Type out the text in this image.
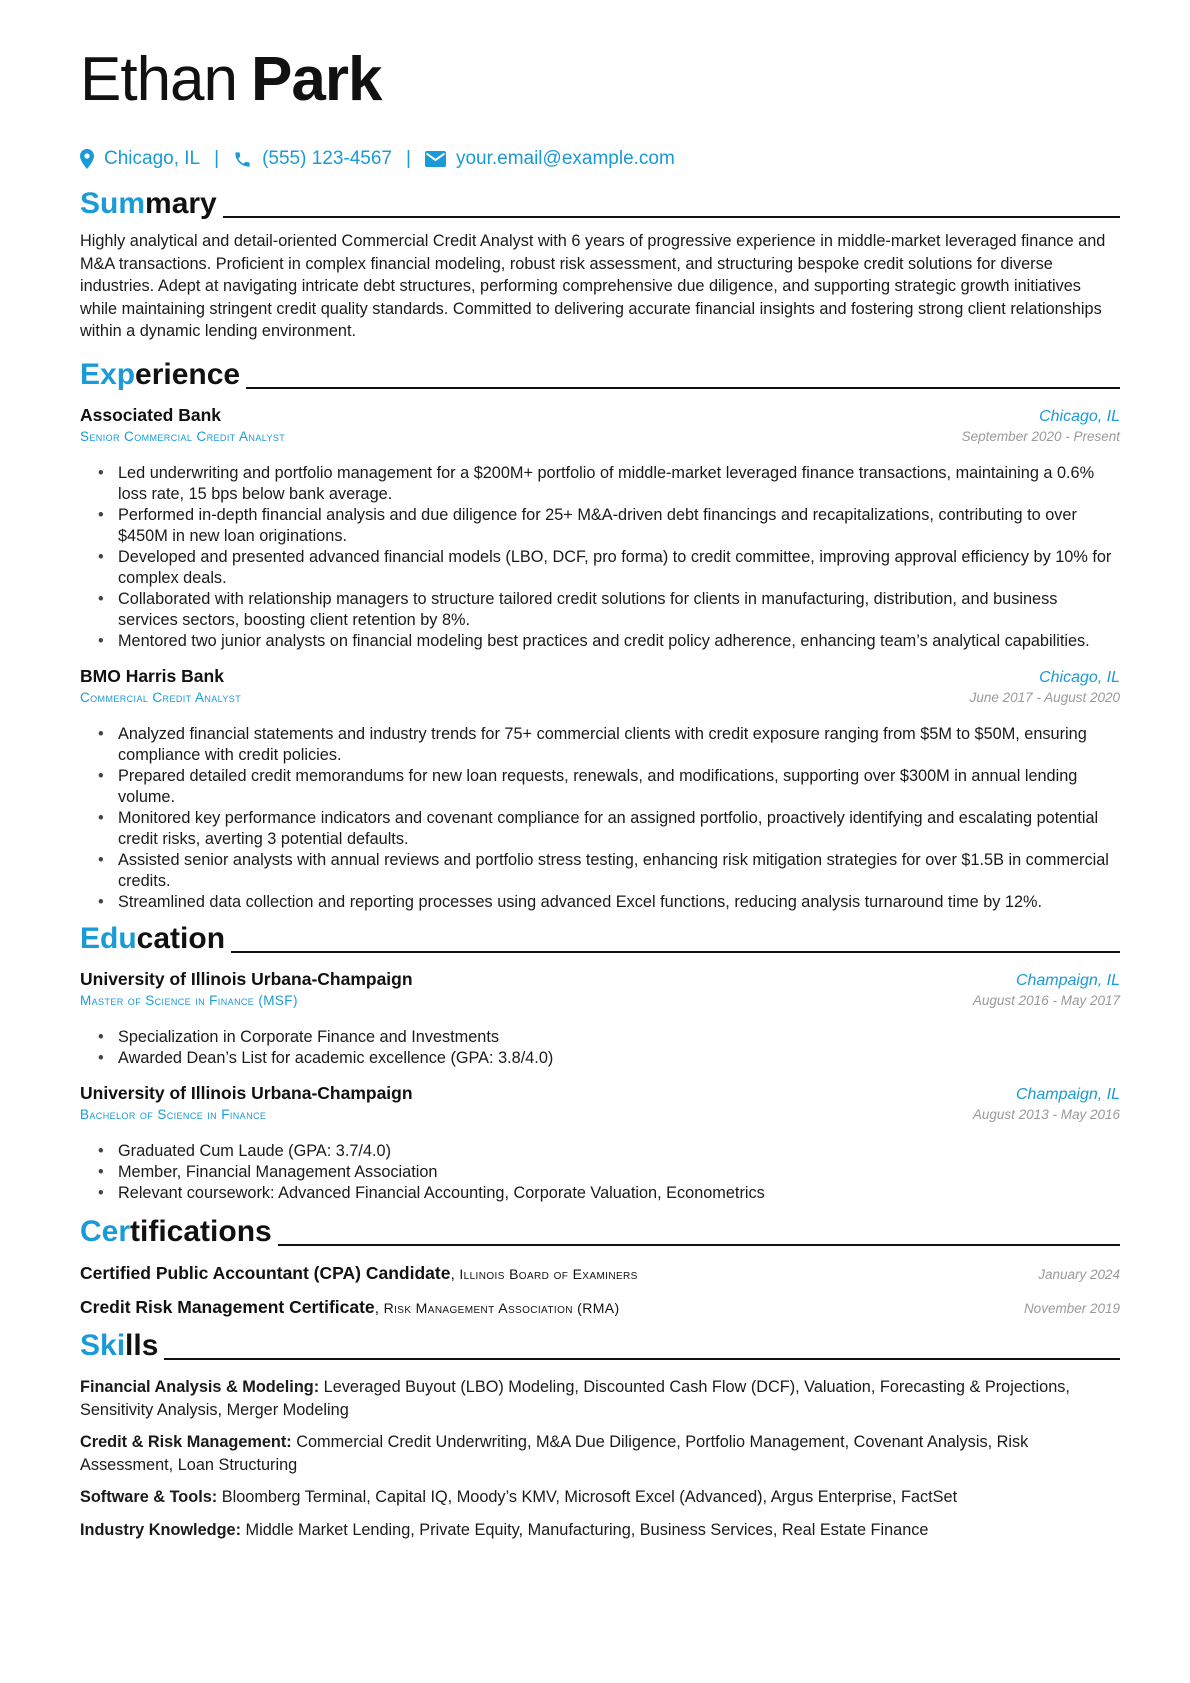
Ethan Park
Chicago, IL | (555) 123-4567 | your.email@example.com
Summary
Highly analytical and detail-oriented Commercial Credit Analyst with 6 years of progressive experience in middle-market leveraged finance and M&A transactions. Proficient in complex financial modeling, robust risk assessment, and structuring bespoke credit solutions for diverse industries. Adept at navigating intricate debt structures, performing comprehensive due diligence, and supporting strategic growth initiatives while maintaining stringent credit quality standards. Committed to delivering accurate financial insights and fostering strong client relationships within a dynamic lending environment.
Experience
Associated Bank	Chicago, IL
Senior Commercial Credit Analyst	September 2020 - Present
• Led underwriting and portfolio management for a $200M+ portfolio of middle-market leveraged finance transactions, maintaining a 0.6% loss rate, 15 bps below bank average.
• Performed in-depth financial analysis and due diligence for 25+ M&A-driven debt financings and recapitalizations, contributing to over $450M in new loan originations.
• Developed and presented advanced financial models (LBO, DCF, pro forma) to credit committee, improving approval efficiency by 10% for complex deals.
• Collaborated with relationship managers to structure tailored credit solutions for clients in manufacturing, distribution, and business services sectors, boosting client retention by 8%.
• Mentored two junior analysts on financial modeling best practices and credit policy adherence, enhancing team’s analytical capabilities.
BMO Harris Bank	Chicago, IL
Commercial Credit Analyst	June 2017 - August 2020
• Analyzed financial statements and industry trends for 75+ commercial clients with credit exposure ranging from $5M to $50M, ensuring compliance with credit policies.
• Prepared detailed credit memorandums for new loan requests, renewals, and modifications, supporting over $300M in annual lending volume.
• Monitored key performance indicators and covenant compliance for an assigned portfolio, proactively identifying and escalating potential credit risks, averting 3 potential defaults.
• Assisted senior analysts with annual reviews and portfolio stress testing, enhancing risk mitigation strategies for over $1.5B in commercial credits.
• Streamlined data collection and reporting processes using advanced Excel functions, reducing analysis turnaround time by 12%.
Education
University of Illinois Urbana-Champaign	Champaign, IL
Master of Science in Finance (MSF)	August 2016 - May 2017
• Specialization in Corporate Finance and Investments
• Awarded Dean’s List for academic excellence (GPA: 3.8/4.0)
University of Illinois Urbana-Champaign	Champaign, IL
Bachelor of Science in Finance	August 2013 - May 2016
• Graduated Cum Laude (GPA: 3.7/4.0)
• Member, Financial Management Association
• Relevant coursework: Advanced Financial Accounting, Corporate Valuation, Econometrics
Certifications
Certified Public Accountant (CPA) Candidate, Illinois Board of Examiners	January 2024
Credit Risk Management Certificate, Risk Management Association (RMA)	November 2019
Skills
Financial Analysis & Modeling: Leveraged Buyout (LBO) Modeling, Discounted Cash Flow (DCF), Valuation, Forecasting & Projections, Sensitivity Analysis, Merger Modeling
Credit & Risk Management: Commercial Credit Underwriting, M&A Due Diligence, Portfolio Management, Covenant Analysis, Risk Assessment, Loan Structuring
Software & Tools: Bloomberg Terminal, Capital IQ, Moody’s KMV, Microsoft Excel (Advanced), Argus Enterprise, FactSet
Industry Knowledge: Middle Market Lending, Private Equity, Manufacturing, Business Services, Real Estate Finance
